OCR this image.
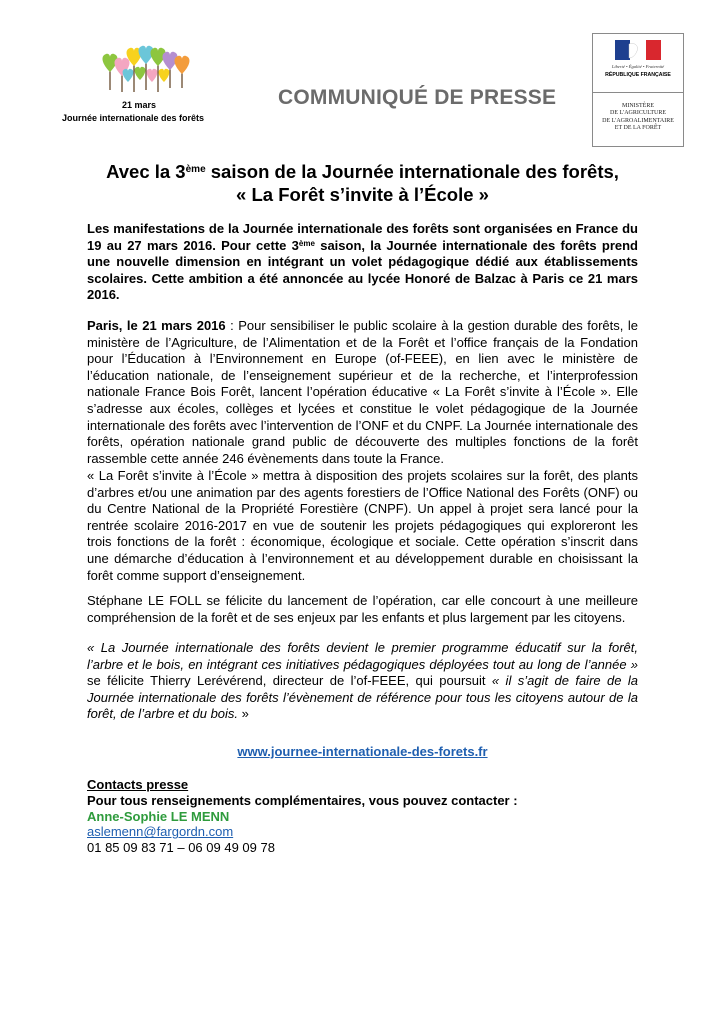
21 mars
Journée internationale des forêts
COMMUNIQUÉ DE PRESSE
Liberté • Égalité • Fraternité
RÉPUBLIQUE FRANÇAISE
MINISTÈRE
DE L'AGRICULTURE
DE L'AGROALIMENTAIRE
ET DE LA FORÊT
Avec la 3ème saison de la Journée internationale des forêts,
« La Forêt s’invite à l’École »
Les manifestations de la Journée internationale des forêts sont organisées en France du 19 au 27 mars 2016. Pour cette 3ème saison, la Journée internationale des forêts prend une nouvelle dimension en intégrant un volet pédagogique dédié aux établissements scolaires. Cette ambition a été annoncée au lycée Honoré de Balzac à Paris ce 21 mars 2016.
Paris, le 21 mars 2016 : Pour sensibiliser le public scolaire à la gestion durable des forêts, le ministère de l’Agriculture, de l’Alimentation et de la Forêt et l’office français de la Fondation pour l’Éducation à l’Environnement en Europe (of-FEEE), en lien avec le ministère de l’éducation nationale, de l’enseignement supérieur et de la recherche, et l’interprofession nationale France Bois Forêt, lancent l’opération éducative « La Forêt s’invite à l’École ». Elle s’adresse aux écoles, collèges et lycées et constitue le volet pédagogique de la Journée internationale des forêts avec l’intervention de l’ONF et du CNPF. La Journée internationale des forêts, opération nationale grand public de découverte des multiples fonctions de la forêt rassemble cette année 246 évènements dans toute la France.
« La Forêt s’invite à l’École » mettra à disposition des projets scolaires sur la forêt, des plants d’arbres et/ou une animation par des agents forestiers de l’Office National des Forêts (ONF) ou du Centre National de la Propriété Forestière (CNPF). Un appel à projet sera lancé pour la rentrée scolaire 2016-2017 en vue de soutenir les projets pédagogiques qui exploreront les trois fonctions de la forêt : économique, écologique et sociale. Cette opération s’inscrit dans une démarche d’éducation à l’environnement et au développement durable en choisissant la forêt comme support d’enseignement.
Stéphane LE FOLL se félicite du lancement de l’opération, car elle concourt à une meilleure compréhension de la forêt et de ses enjeux par les enfants et plus largement par les citoyens.
« La Journée internationale des forêts devient le premier programme éducatif sur la forêt, l’arbre et le bois, en intégrant ces initiatives pédagogiques déployées tout au long de l’année » se félicite Thierry Lerévérend, directeur de l’of-FEEE, qui poursuit « il s’agit de faire de la Journée internationale des forêts l’évènement de référence pour tous les citoyens autour de la forêt, de l’arbre et du bois. »
www.journee-internationale-des-forets.fr
Contacts presse
Pour tous renseignements complémentaires, vous pouvez contacter :
Anne-Sophie LE MENN
aslemenn@fargordn.com
01 85 09 83 71 – 06 09 49 09 78
